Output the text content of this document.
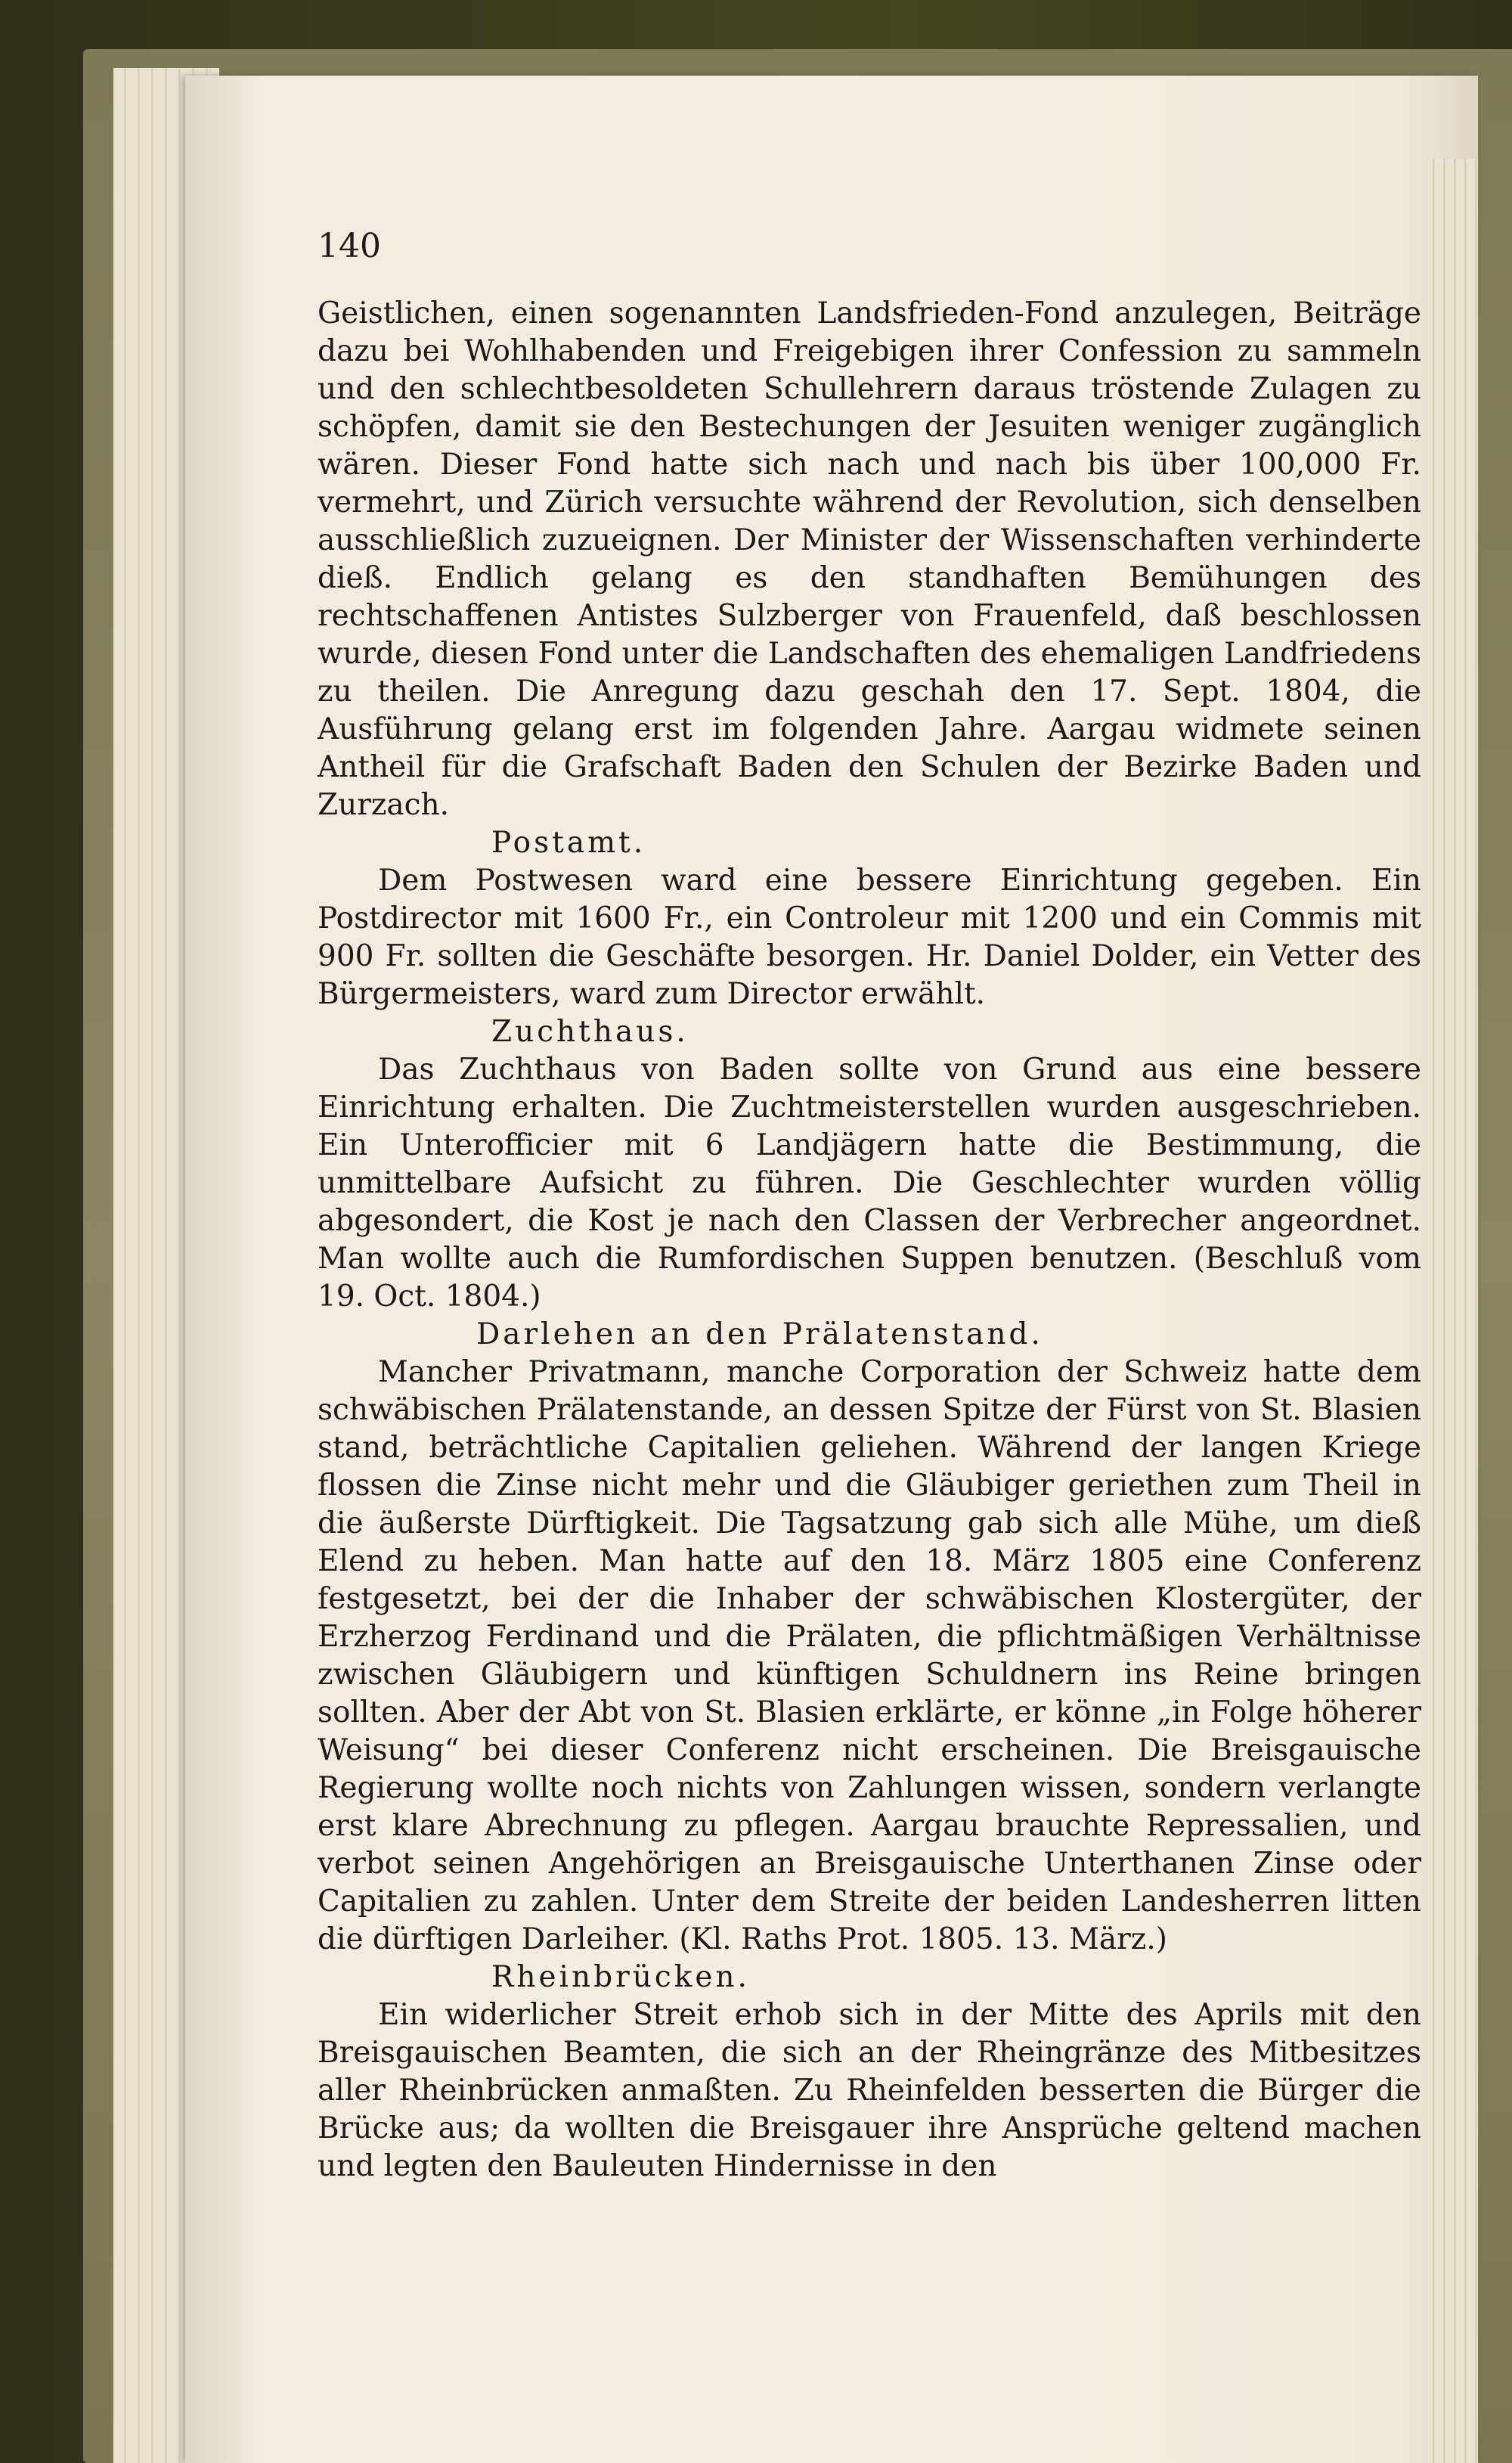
140

Geistlichen, einen sogenannten Landsfrieden-Fond anzulegen, Beiträge dazu bei Wohlhabenden und Freigebigen ihrer Confession zu sammeln und den schlechtbesoldeten Schullehrern daraus tröstende Zulagen zu schöpfen, damit sie den Bestechungen der Jesuiten weniger zugänglich wären. Dieser Fond hatte sich nach und nach bis über 100,000 Fr. vermehrt, und Zürich versuchte während der Revolution, sich denselben ausschließlich zuzueignen. Der Minister der Wissenschaften verhinderte dieß. Endlich gelang es den standhaften Bemühungen des rechtschaffenen Antistes Sulzberger von Frauenfeld, daß beschlossen wurde, diesen Fond unter die Landschaften des ehemaligen Landfriedens zu theilen. Die Anregung dazu geschah den 17. Sept. 1804, die Ausführung gelang erst im folgenden Jahre. Aargau widmete seinen Antheil für die Grafschaft Baden den Schulen der Bezirke Baden und Zurzach.

Postamt.

Dem Postwesen ward eine bessere Einrichtung gegeben. Ein Postdirector mit 1600 Fr., ein Controleur mit 1200 und ein Commis mit 900 Fr. sollten die Geschäfte besorgen. Hr. Daniel Dolder, ein Vetter des Bürgermeisters, ward zum Director erwählt.

Zuchthaus.

Das Zuchthaus von Baden sollte von Grund aus eine bessere Einrichtung erhalten. Die Zuchtmeisterstellen wurden ausgeschrieben. Ein Unterofficier mit 6 Landjägern hatte die Bestimmung, die unmittelbare Aufsicht zu führen. Die Geschlechter wurden völlig abgesondert, die Kost je nach den Classen der Verbrecher angeordnet. Man wollte auch die Rumfordischen Suppen benutzen. (Beschluß vom 19. Oct. 1804.)

Darlehen an den Prälatenstand.

Mancher Privatmann, manche Corporation der Schweiz hatte dem schwäbischen Prälatenstande, an dessen Spitze der Fürst von St. Blasien stand, beträchtliche Capitalien geliehen. Während der langen Kriege flossen die Zinse nicht mehr und die Gläubiger geriethen zum Theil in die äußerste Dürftigkeit. Die Tagsatzung gab sich alle Mühe, um dieß Elend zu heben. Man hatte auf den 18. März 1805 eine Conferenz festgesetzt, bei der die Inhaber der schwäbischen Klostergüter, der Erzherzog Ferdinand und die Prälaten, die pflichtmäßigen Verhältnisse zwischen Gläubigern und künftigen Schuldnern ins Reine bringen sollten. Aber der Abt von St. Blasien erklärte, er könne „in Folge höherer Weisung“ bei dieser Conferenz nicht erscheinen. Die Breisgauische Regierung wollte noch nichts von Zahlungen wissen, sondern verlangte erst klare Abrechnung zu pflegen. Aargau brauchte Repressalien, und verbot seinen Angehörigen an Breisgauische Unterthanen Zinse oder Capitalien zu zahlen. Unter dem Streite der beiden Landesherren litten die dürftigen Darleiher. (Kl. Raths Prot. 1805. 13. März.)

Rheinbrücken.

Ein widerlicher Streit erhob sich in der Mitte des Aprils mit den Breisgauischen Beamten, die sich an der Rheingränze des Mitbesitzes aller Rheinbrücken anmaßten. Zu Rheinfelden besserten die Bürger die Brücke aus; da wollten die Breisgauer ihre Ansprüche geltend machen und legten den Bauleuten Hindernisse in den
